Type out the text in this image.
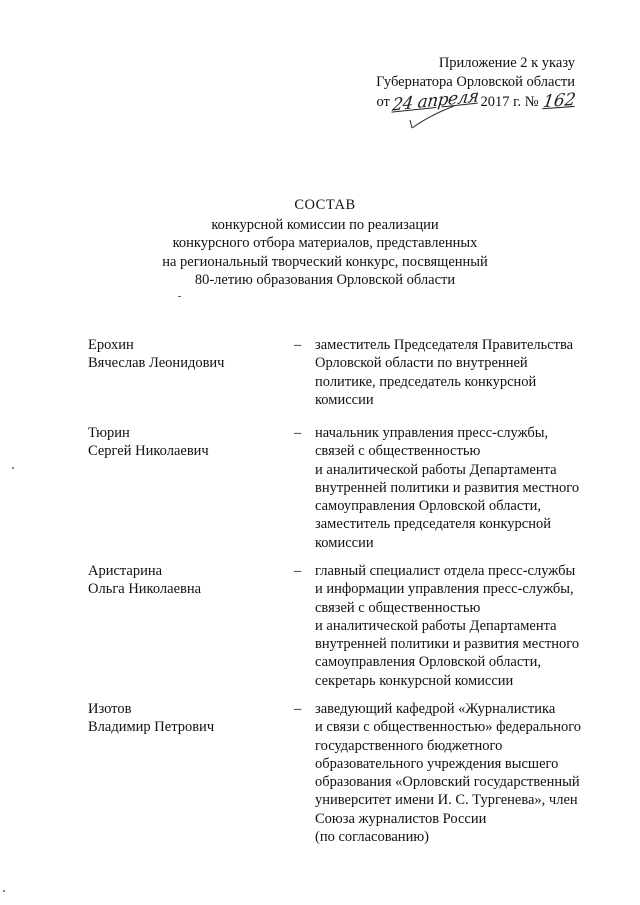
Приложение 2 к указу
Губернатора Орловской области
от24 апреля2017 г. № 162
СОСТАВ
конкурсной комиссии по реализации
конкурсного отбора материалов, представленных
на региональный творческий конкурс, посвященный
80-летию образования Орловской области
Ерохин
Вячеслав Леонидович
– заместитель Председателя Правительства
Орловской области по внутренней
политике, председатель конкурсной
комиссии
Тюрин
Сергей Николаевич
– начальник управления пресс-службы,
связей с общественностью
и аналитической работы Департамента
внутренней политики и развития местного
самоуправления Орловской области,
заместитель председателя конкурсной
комиссии
Аристарина
Ольга Николаевна
– главный специалист отдела пресс-службы
и информации управления пресс-службы,
связей с общественностью
и аналитической работы Департамента
внутренней политики и развития местного
самоуправления Орловской области,
секретарь конкурсной комиссии
Изотов
Владимир Петрович
– заведующий кафедрой «Журналистика
и связи с общественностью» федерального
государственного бюджетного
образовательного учреждения высшего
образования «Орловский государственный
университет имени И. С. Тургенева», член
Союза журналистов России
(по согласованию)
